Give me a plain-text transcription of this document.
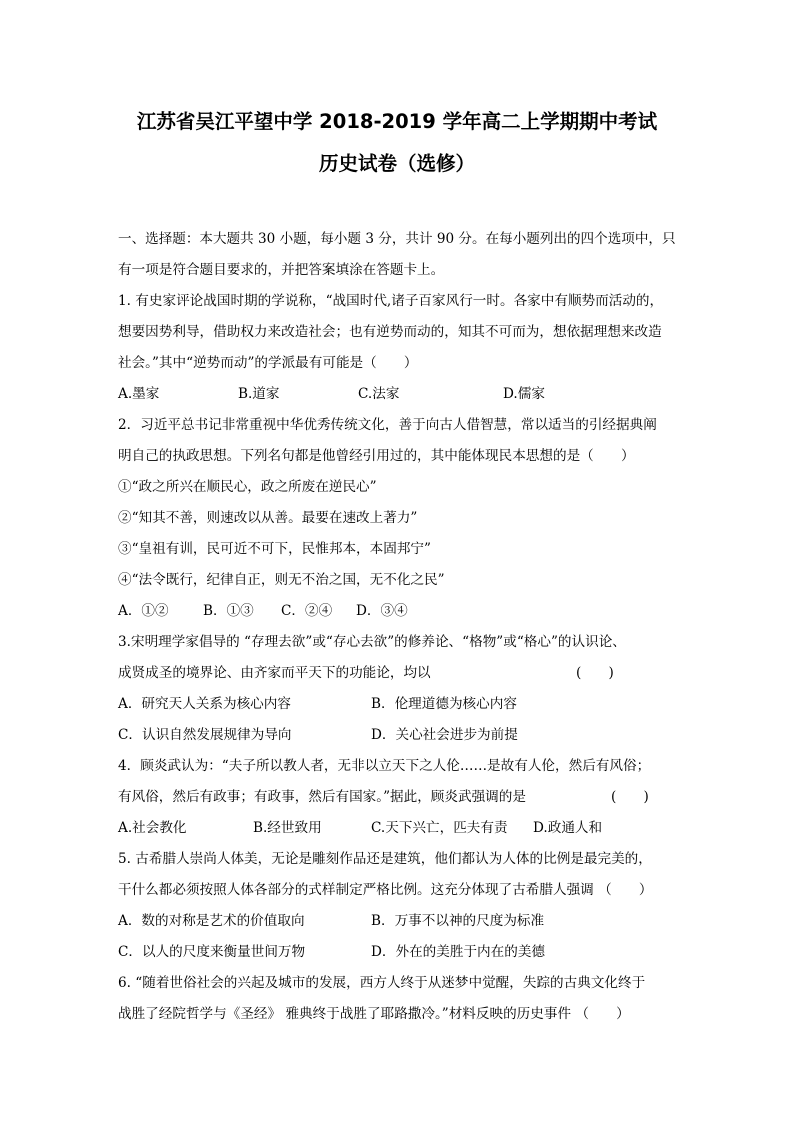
江苏省吴江平望中学 2018-2019 学年高二上学期期中考试
历史试卷（选修）
一、选择题：本大题共 30 小题，每小题 3 分，共计 90 分。在每小题列出的四个选项中，只
有一项是符合题目要求的，并把答案填涂在答题卡上。
1. 有史家评论战国时期的学说称，“战国时代,诸子百家风行一时。各家中有顺势而活动的，
想要因势利导，借助权力来改造社会；也有逆势而动的，知其不可而为，想依据理想来改造
社会。”其中“逆势而动”的学派最有可能是（　　）
A.墨家	B.道家	C.法家	D.儒家
2．习近平总书记非常重视中华优秀传统文化，善于向古人借智慧，常以适当的引经据典阐
明自己的执政思想。下列名句都是他曾经引用过的，其中能体现民本思想的是（　　）
①“政之所兴在顺民心，政之所废在逆民心”
②“知其不善，则速改以从善。最要在速改上著力”
③“皇祖有训，民可近不可下，民惟邦本，本固邦宁”
④“法令既行，纪律自正，则无不治之国，无不化之民”
A．①②	B．①③ C．②④ D．③④
3.宋明理学家倡导的 “存理去欲”或“存心去欲”的修养论、“格物”或“格心”的认识论、
成贤成圣的境界论、由齐家而平天下的功能论，均以	(　　)
A．研究天人关系为核心内容	B．伦理道德为核心内容
C．认识自然发展规律为导向	D．关心社会进步为前提
4．顾炎武认为：“夫子所以教人者，无非以立天下之人伦……是故有人伦，然后有风俗；
有风俗，然后有政事；有政事，然后有国家。”据此，顾炎武强调的是	(　　)
A.社会教化	B.经世致用	C.天下兴亡，匹夫有责 D.政通人和
5. 古希腊人崇尚人体美，无论是雕刻作品还是建筑，他们都认为人体的比例是最完美的，
干什么都必须按照人体各部分的式样制定严格比例。这充分体现了古希腊人强调 （　　）
A．数的对称是艺术的价值取向	B．万事不以神的尺度为标准
C．以人的尺度来衡量世间万物	D．外在的美胜于内在的美德
6. “随着世俗社会的兴起及城市的发展，西方人终于从迷梦中觉醒，失踪的古典文化终于
战胜了经院哲学与《圣经》 雅典终于战胜了耶路撒冷。”材料反映的历史事件 （　　）
